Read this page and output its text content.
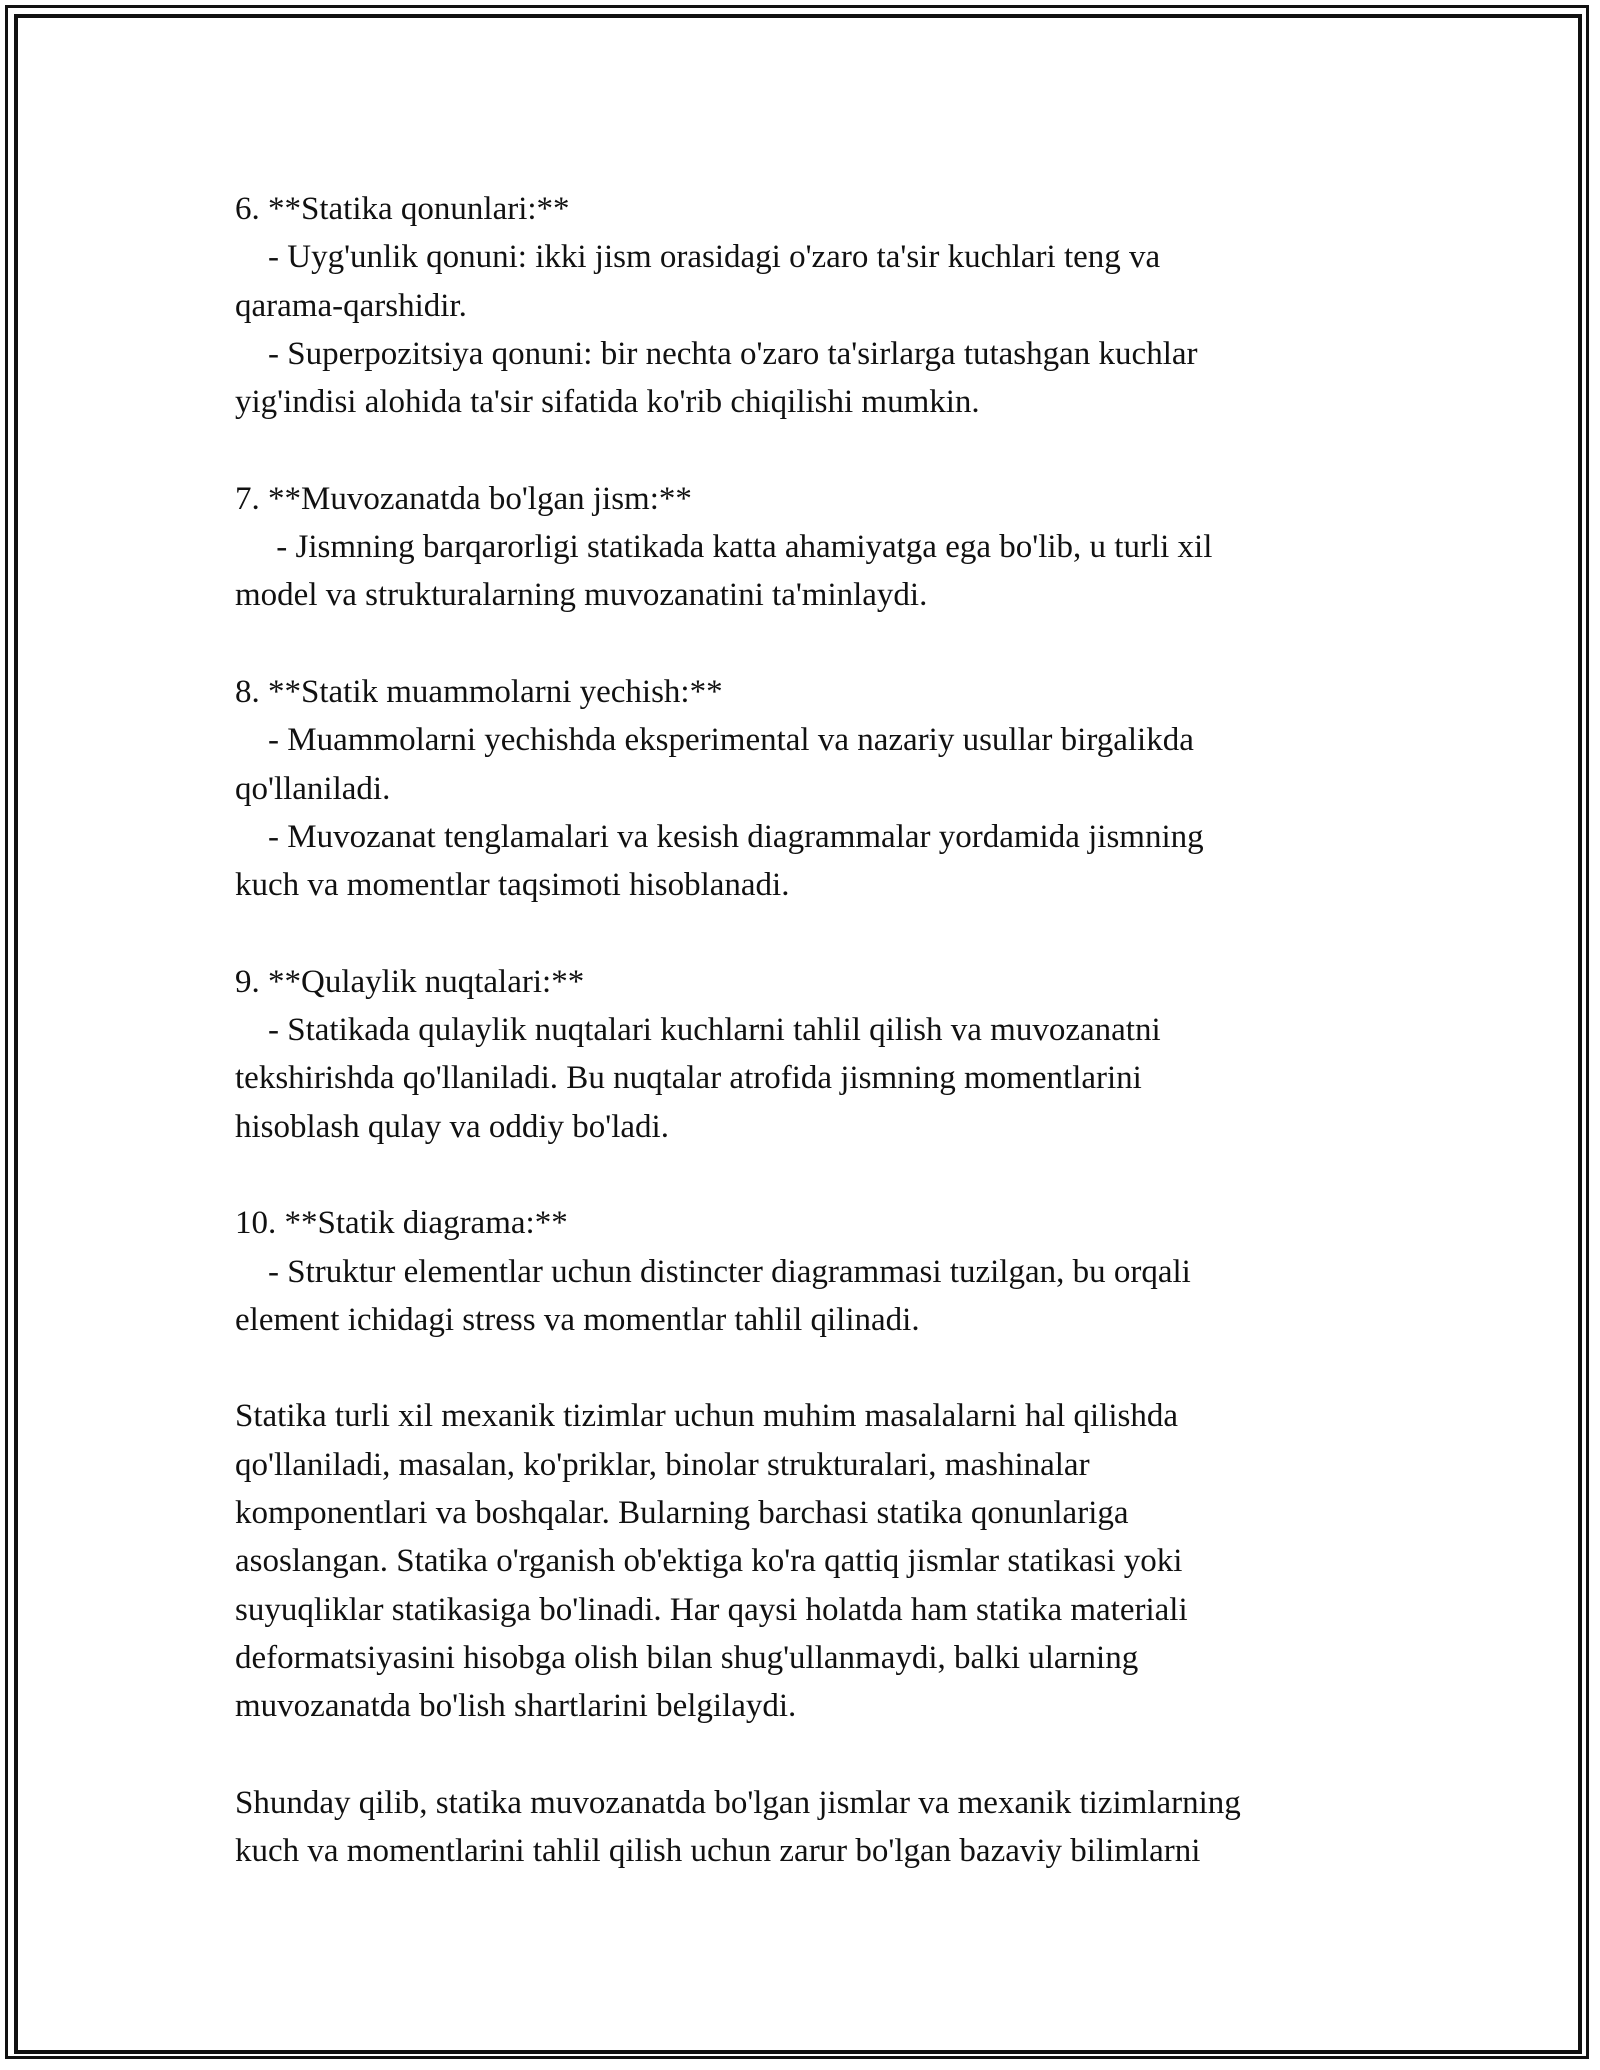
6. **Statika qonunlari:**
- Uyg'unlik qonuni: ikki jism orasidagi o'zaro ta'sir kuchlari teng va
qarama-qarshidir.
- Superpozitsiya qonuni: bir nechta o'zaro ta'sirlarga tutashgan kuchlar
yig'indisi alohida ta'sir sifatida ko'rib chiqilishi mumkin.
7. **Muvozanatda bo'lgan jism:**
- Jismning barqarorligi statikada katta ahamiyatga ega bo'lib, u turli xil
model va strukturalarning muvozanatini ta'minlaydi.
8. **Statik muammolarni yechish:**
- Muammolarni yechishda eksperimental va nazariy usullar birgalikda
qo'llaniladi.
- Muvozanat tenglamalari va kesish diagrammalar yordamida jismning
kuch va momentlar taqsimoti hisoblanadi.
9. **Qulaylik nuqtalari:**
- Statikada qulaylik nuqtalari kuchlarni tahlil qilish va muvozanatni
tekshirishda qo'llaniladi. Bu nuqtalar atrofida jismning momentlarini
hisoblash qulay va oddiy bo'ladi.
10. **Statik diagrama:**
- Struktur elementlar uchun distincter diagrammasi tuzilgan, bu orqali
element ichidagi stress va momentlar tahlil qilinadi.
Statika turli xil mexanik tizimlar uchun muhim masalalarni hal qilishda
qo'llaniladi, masalan, ko'priklar, binolar strukturalari, mashinalar
komponentlari va boshqalar. Bularning barchasi statika qonunlariga
asoslangan. Statika o'rganish ob'ektiga ko'ra qattiq jismlar statikasi yoki
suyuqliklar statikasiga bo'linadi. Har qaysi holatda ham statika materiali
deformatsiyasini hisobga olish bilan shug'ullanmaydi, balki ularning
muvozanatda bo'lish shartlarini belgilaydi.
Shunday qilib, statika muvozanatda bo'lgan jismlar va mexanik tizimlarning
kuch va momentlarini tahlil qilish uchun zarur bo'lgan bazaviy bilimlarni
